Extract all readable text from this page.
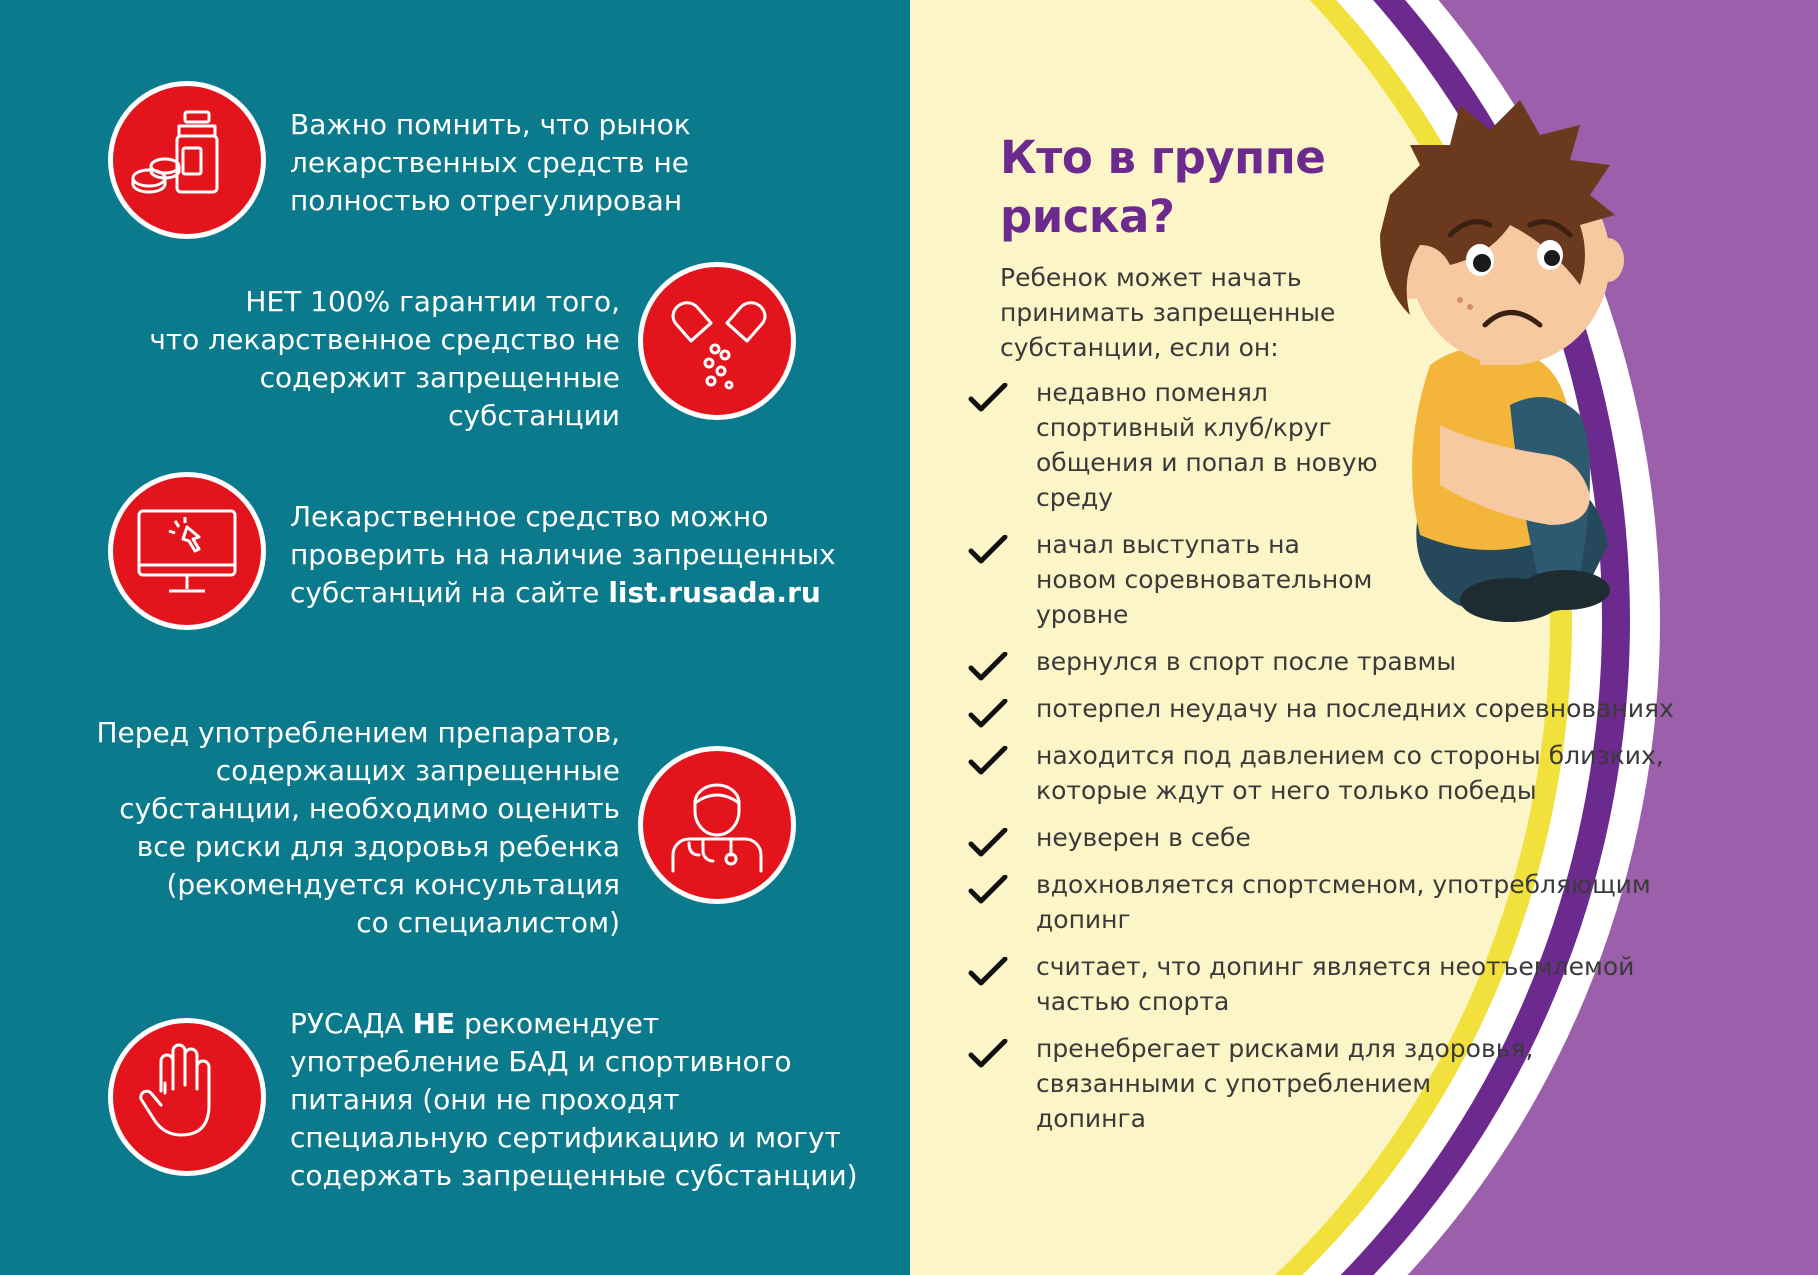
Важно помнить, что рынок
лекарственных средств не
полностью отрегулирован
НЕТ 100% гарантии того,
что лекарственное средство не
содержит запрещенные субстанции
Лекарственное средство можно
проверить на наличие запрещенных
субстанций на сайте list.rusada.ru
Перед употреблением препаратов,
содержащих запрещенные
субстанции, необходимо оценить
все риски для здоровья ребенка
(рекомендуется консультация
со специалистом)
РУСАДА НЕ рекомендует
употребление БАД и спортивного
питания (они не проходят
специальную сертификацию и могут
содержать запрещенные субстанции)
Кто в группе
риска?
Ребенок может начать
принимать запрещенные
субстанции, если он:
недавно поменял
спортивный клуб/круг
общения и попал в новую
среду
начал выступать на
новом соревновательном
уровне
вернулся в спорт после травмы
потерпел неудачу на последних соревнованиях
находится под давлением со стороны близких,
которые ждут от него только победы
неуверен в себе
вдохновляется спортсменом, употребляющим
допинг
считает, что допинг является неотъемлемой
частью спорта
пренебрегает рисками для здоровья,
связанными с употреблением
допинга
